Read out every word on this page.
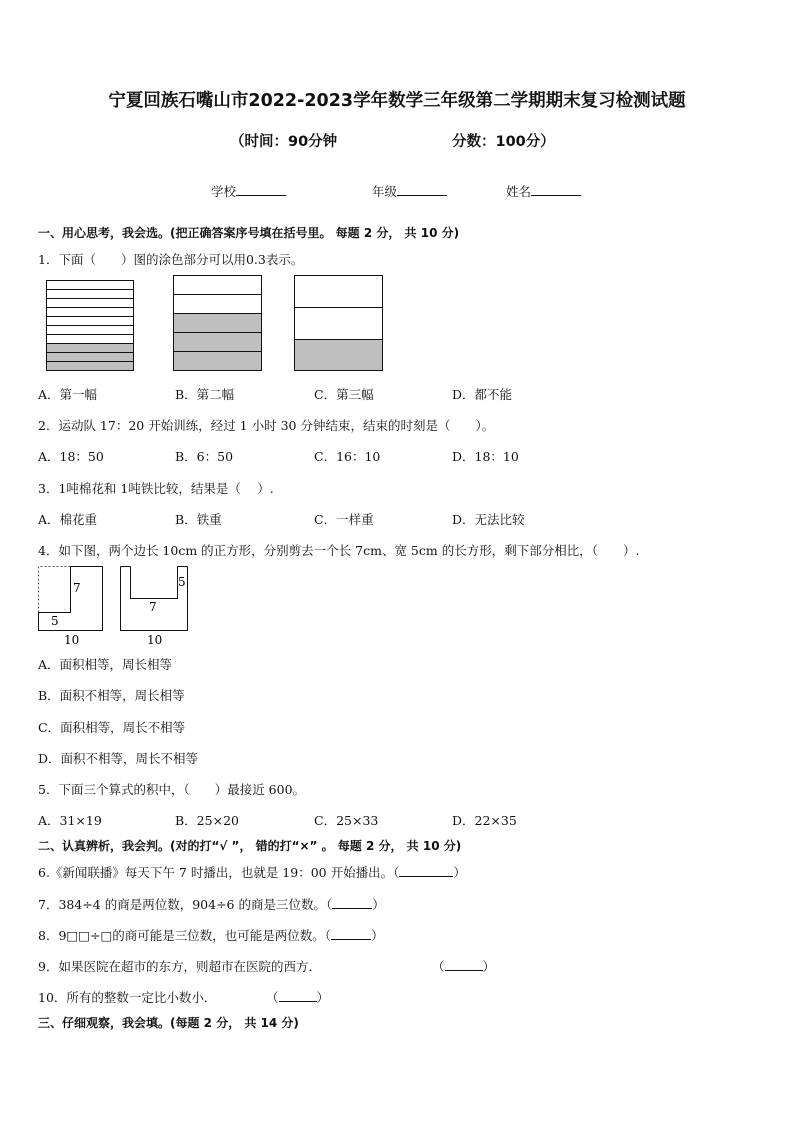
宁夏回族石嘴山市2022-2023学年数学三年级第二学期期末复习检测试题
（时间：90分钟	分数：100分）
学校	年级	姓名
一、用心思考，我会选。(把正确答案序号填在括号里。 每题 2 分， 共 10 分)
1．下面（　　）图的涂色部分可以用0.3表示。
A．第一幅	B．第二幅	C．第三幅	D．都不能
2．运动队 17：20 开始训练，经过 1 小时 30 分钟结束，结束的时刻是（　　）。
A．18：50	B．6：50	C．16：10	D．18：10
3．1吨棉花和 1吨铁比较，结果是（　 ）.
A．棉花重	B．铁重	C．一样重	D．无法比较
4．如下图，两个边长 10cm 的正方形，分别剪去一个长 7cm、宽 5cm 的长方形，剩下部分相比，（　　）.
7
5
10
5
7
10
A．面积相等，周长相等
B．面积不相等，周长相等
C．面积相等，周长不相等
D．面积不相等，周长不相等
5．下面三个算式的积中，（　　）最接近 600。
A．31×19	B．25×20	C．25×33	D．22×35
二、认真辨析，我会判。(对的打“√ ”， 错的打“×” 。 每题 2 分， 共 10 分)
6.《新闻联播》每天下午 7 时播出，也就是 19：00 开始播出。（	）
7．384÷4 的商是两位数，904÷6 的商是三位数。（	）
8．9□□÷□的商可能是三位数，也可能是两位数。（	）
9．如果医院在超市的东方，则超市在医院的西方．	（	）
10．所有的整数一定比小数小．	（	）
三、仔细观察，我会填。(每题 2 分， 共 14 分)
